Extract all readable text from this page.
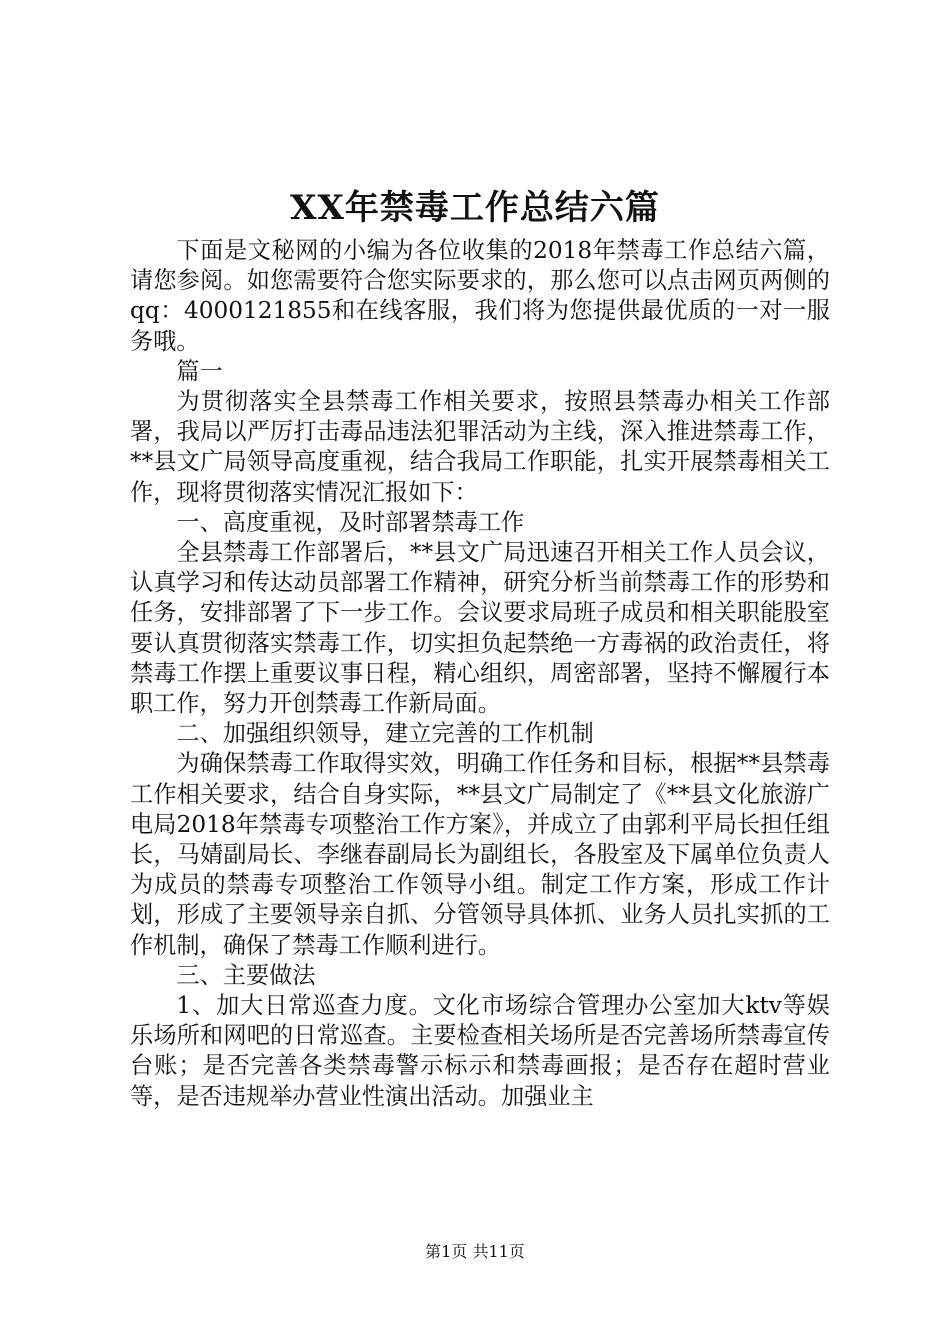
XX年禁毒工作总结六篇

下面是文秘网的小编为各位收集的2018年禁毒工作总结六篇，请您参阅。如您需要符合您实际要求的，那么您可以点击网页两侧的qq：4000121855和在线客服，我们将为您提供最优质的一对一服务哦。

篇一

为贯彻落实全县禁毒工作相关要求，按照县禁毒办相关工作部署，我局以严厉打击毒品违法犯罪活动为主线，深入推进禁毒工作，**县文广局领导高度重视，结合我局工作职能，扎实开展禁毒相关工作，现将贯彻落实情况汇报如下：

一、高度重视，及时部署禁毒工作

全县禁毒工作部署后，**县文广局迅速召开相关工作人员会议，认真学习和传达动员部署工作精神，研究分析当前禁毒工作的形势和任务，安排部署了下一步工作。会议要求局班子成员和相关职能股室要认真贯彻落实禁毒工作，切实担负起禁绝一方毒祸的政治责任，将禁毒工作摆上重要议事日程，精心组织，周密部署，坚持不懈履行本职工作，努力开创禁毒工作新局面。

二、加强组织领导，建立完善的工作机制

为确保禁毒工作取得实效，明确工作任务和目标，根据**县禁毒工作相关要求，结合自身实际，**县文广局制定了《**县文化旅游广电局2018年禁毒专项整治工作方案》，并成立了由郭利平局长担任组长，马婧副局长、李继春副局长为副组长，各股室及下属单位负责人为成员的禁毒专项整治工作领导小组。制定工作方案，形成工作计划，形成了主要领导亲自抓、分管领导具体抓、业务人员扎实抓的工作机制，确保了禁毒工作顺利进行。

三、主要做法

1、加大日常巡查力度。文化市场综合管理办公室加大ktv等娱乐场所和网吧的日常巡查。主要检查相关场所是否完善场所禁毒宣传台账；是否完善各类禁毒警示标示和禁毒画报；是否存在超时营业等，是否违规举办营业性演出活动。加强业主

第1页 共11页
